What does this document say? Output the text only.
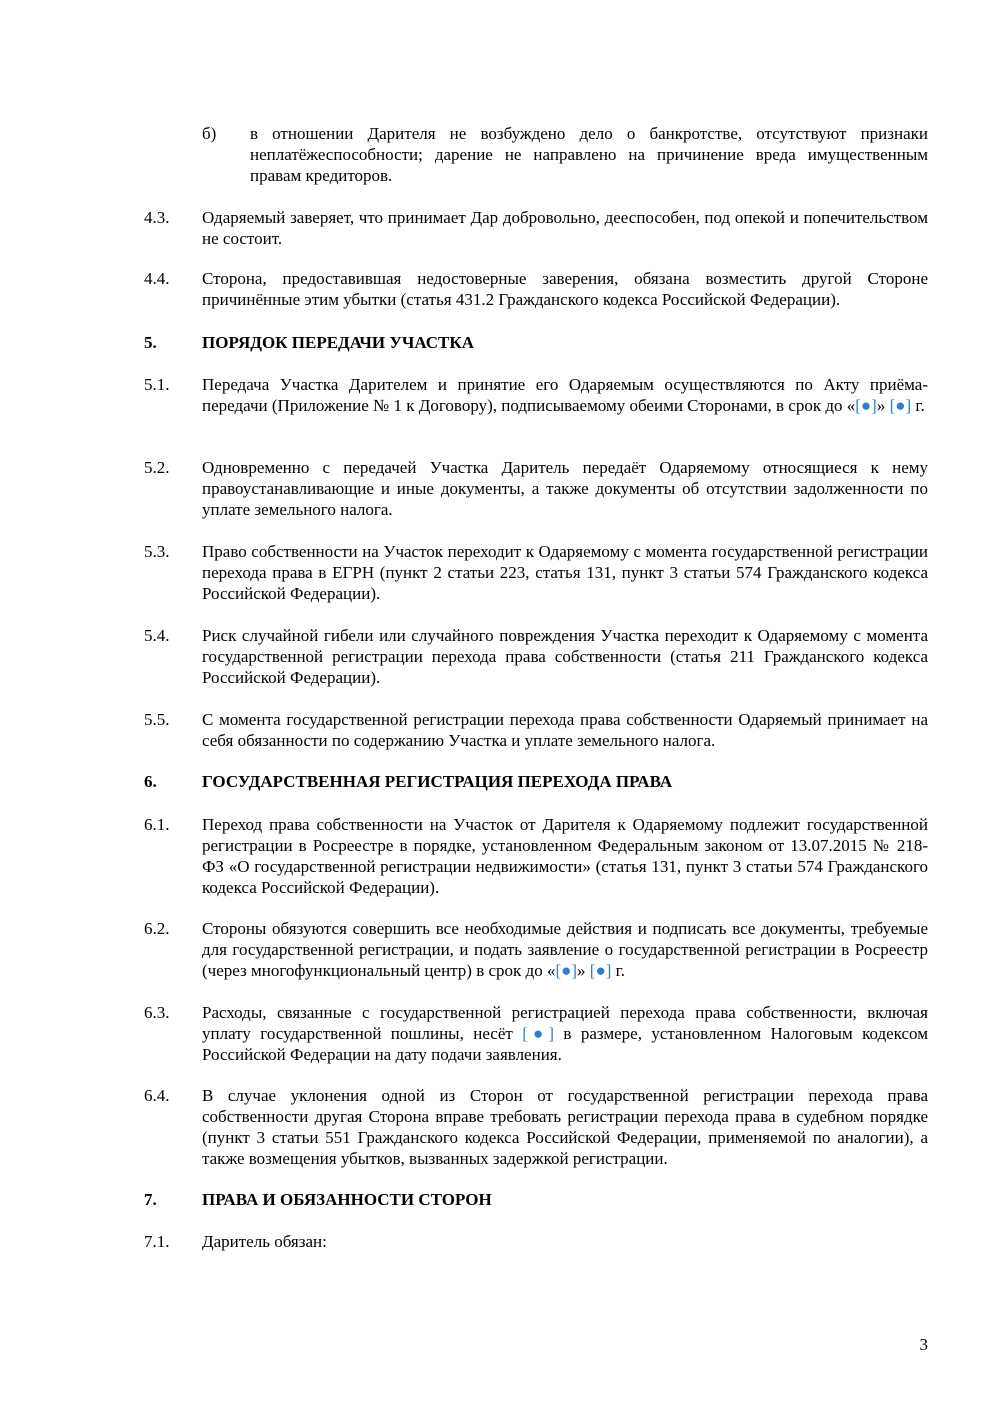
б) в отношении Дарителя не возбуждено дело о банкротстве, отсутствуют признаки неплатёжеспособности; дарение не направлено на причинение вреда имущественным правам кредиторов.
4.3. Одаряемый заверяет, что принимает Дар добровольно, дееспособен, под опекой и попечительством не состоит.
4.4. Сторона, предоставившая недостоверные заверения, обязана возместить другой Стороне причинённые этим убытки (статья 431.2 Гражданского кодекса Российской Федерации).
5.	ПОРЯДОК ПЕРЕДАЧИ УЧАСТКА
5.1. Передача Участка Дарителем и принятие его Одаряемым осуществляются по Акту приёма-передачи (Приложение № 1 к Договору), подписываемому обеими Сторонами, в срок до «[●]» [●] г.
5.2. Одновременно с передачей Участка Даритель передаёт Одаряемому относящиеся к нему правоустанавливающие и иные документы, а также документы об отсутствии задолженности по уплате земельного налога.
5.3. Право собственности на Участок переходит к Одаряемому с момента государственной регистрации перехода права в ЕГРН (пункт 2 статьи 223, статья 131, пункт 3 статьи 574 Гражданского кодекса Российской Федерации).
5.4. Риск случайной гибели или случайного повреждения Участка переходит к Одаряемому с момента государственной регистрации перехода права собственности (статья 211 Гражданского кодекса Российской Федерации).
5.5. С момента государственной регистрации перехода права собственности Одаряемый принимает на себя обязанности по содержанию Участка и уплате земельного налога.
6.	ГОСУДАРСТВЕННАЯ РЕГИСТРАЦИЯ ПЕРЕХОДА ПРАВА
6.1. Переход права собственности на Участок от Дарителя к Одаряемому подлежит государственной регистрации в Росреестре в порядке, установленном Федеральным законом от 13.07.2015 № 218-ФЗ «О государственной регистрации недвижимости» (статья 131, пункт 3 статьи 574 Гражданского кодекса Российской Федерации).
6.2. Стороны обязуются совершить все необходимые действия и подписать все документы, требуемые для государственной регистрации, и подать заявление о государственной регистрации в Росреестр (через многофункциональный центр) в срок до «[●]» [●] г.
6.3. Расходы, связанные с государственной регистрацией перехода права собственности, включая уплату государственной пошлины, несёт [●] в размере, установленном Налоговым кодексом Российской Федерации на дату подачи заявления.
6.4. В случае уклонения одной из Сторон от государственной регистрации перехода права собственности другая Сторона вправе требовать регистрации перехода права в судебном порядке (пункт 3 статьи 551 Гражданского кодекса Российской Федерации, применяемой по аналогии), а также возмещения убытков, вызванных задержкой регистрации.
7.	ПРАВА И ОБЯЗАННОСТИ СТОРОН
7.1. Даритель обязан:
3
